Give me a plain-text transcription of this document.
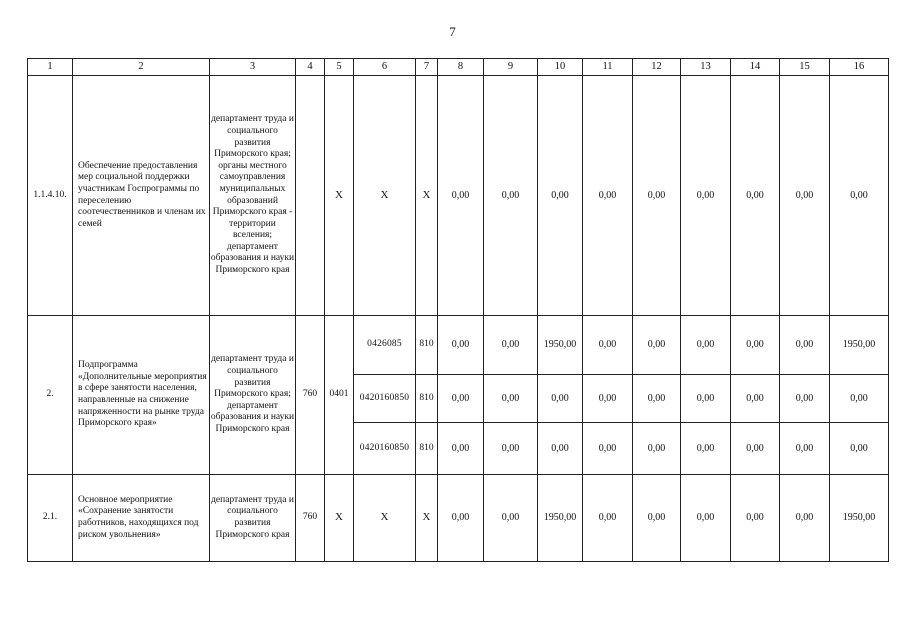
7
1	2	3	4	5	6	7	8	9	10	11	12	13	14	15	16
1.1.4.10.	Обеспечение предоставления мер социальной поддержки участникам Госпрограммы по переселению соотечественников и членам их семей	департамент труда и социального развития Приморского края; органы местного самоуправления муниципальных образований Приморского края - территории вселения; департамент образования и науки Приморского края		X	X	X	0,00	0,00	0,00	0,00	0,00	0,00	0,00	0,00	0,00
2.	Подпрограмма «Дополнительные мероприятия в сфере занятости населения, направленные на снижение напряженности на рынке труда Приморского края»	департамент труда и социального развития Приморского края; департамент образования и науки Приморского края	760	0401	0426085	810	0,00	0,00	1950,00	0,00	0,00	0,00	0,00	0,00	1950,00
					0420160850	810	0,00	0,00	0,00	0,00	0,00	0,00	0,00	0,00	0,00
					0420160850	810	0,00	0,00	0,00	0,00	0,00	0,00	0,00	0,00	0,00
2.1.	Основное мероприятие «Сохранение занятости работников, находящихся под риском увольнения»	департамент труда и социального развития Приморского края	760	X	X	X	0,00	0,00	1950,00	0,00	0,00	0,00	0,00	0,00	1950,00
